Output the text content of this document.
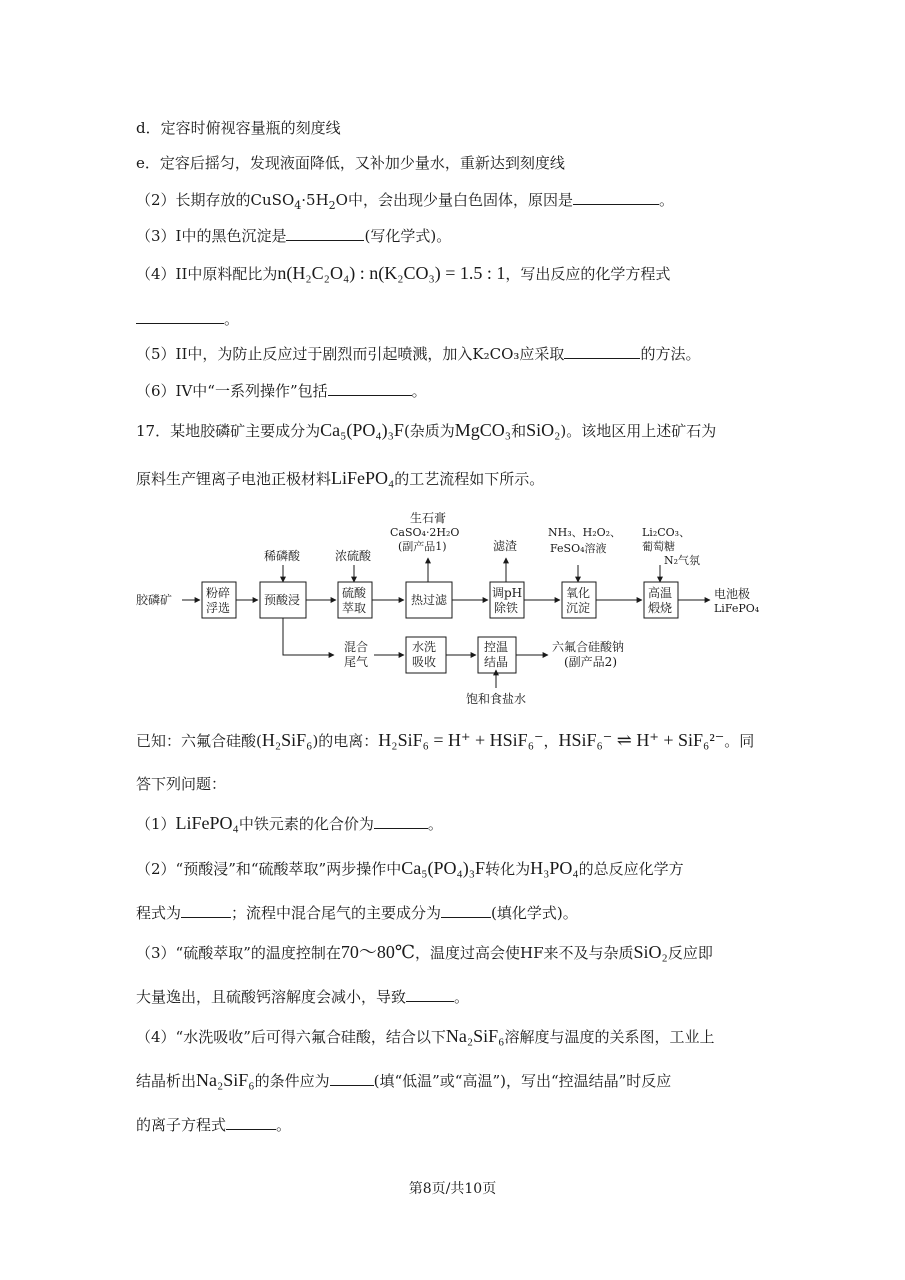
d．定容时俯视容量瓶的刻度线
e．定容后摇匀，发现液面降低，又补加少量水，重新达到刻度线
（2）长期存放的$CuSO_4\cdot 5H_2O$中，会出现少量白色固体，原因是	。
（3）I中的黑色沉淀是	(写化学式)。
（4）II中原料配比为n(H₂C₂O₄) : n(K₂CO₃) = 1.5 : 1，写出反应的化学方程式
。
（5）II中，为防止反应过于剧烈而引起喷溅，加入K₂CO₃应采取	的方法。
（6）IV中“一系列操作”包括	。
17．某地胶磷矿主要成分为Ca₅(PO₄)₃F(杂质为MgCO₃和SiO₂)。该地区用上述矿石为
原料生产锂离子电池正极材料LiFePO₄的工艺流程如下所示。
胶磷矿	粉碎
浮选
预酸浸	硫酸
萃取
热过滤	调pH
除铁
氧化
沉淀
高温
煅烧
电池极
LiFePO₄
稀磷酸	浓硫酸
生石膏
CaSO₄·2H₂O
(副产品1)	滤渣
NH₃、H₂O₂、
FeSO₄溶液
Li₂CO₃、
葡萄糖
N₂气氛
混合
尾气
水洗
吸收
控温
结晶
六氟合硅酸钠
(副产品2)
饱和食盐水
已知：六氟合硅酸(H₂SiF₆)的电离：H₂SiF₆ = H⁺ + HSiF₆⁻，HSiF₆⁻ ⇌ H⁺ + SiF₆²⁻。同
答下列问题：
（1）LiFePO₄中铁元素的化合价为	。
（2）“预酸浸”和“硫酸萃取”两步操作中Ca₅(PO₄)₃F转化为H₃PO₄的总反应化学方
程式为	；流程中混合尾气的主要成分为	(填化学式)。
（3）“硫酸萃取”的温度控制在70～80℃，温度过高会使HF来不及与杂质SiO₂反应即
大量逸出，且硫酸钙溶解度会减小，导致	。
（4）“水洗吸收”后可得六氟合硅酸，结合以下Na₂SiF₆溶解度与温度的关系图，工业上
结晶析出Na₂SiF₆的条件应为	(填“低温”或“高温”)，写出“控温结晶”时反应
的离子方程式	。
第8页/共10页
